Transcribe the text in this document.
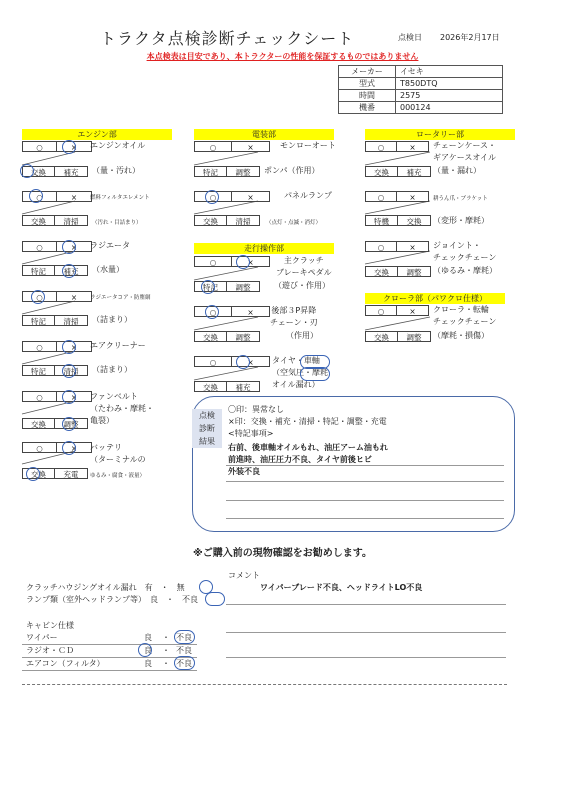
トラクタ点検診断チェックシート	点検日 2026年2月17日
本点検表は目安であり、本トラクターの性能を保証するものではありません
メーカー	イセキ
型式	T850DTQ
時間	2575
機番	000124
エンジン部	電装部	ロータリー部
走行操作部
クローラ部（パワクロ仕様）
○	×	エンジンオイル
交換	補充	（量・汚れ）
○	×	燃料フィルタエレメント
交換	清掃	（汚れ・目詰まり）
○	×	ラジエータ
特記	補充	（水量）
○	×	ラジエータコア・防塵網
特記	清掃	（詰まり）
○	×	エアクリーナー
特記	清掃	（詰まり）
○	×	ファンベルト
（たわみ・摩耗・
亀裂）
交換	調整
○	×	バッテリ
（ターミナルの
交換	充電	ゆるみ・腐食・液量）
○	×	モンローオート
特記	調整	ポンパ（作用）
○	×	パネルランプ
交換	清掃	（点灯・点滅・消灯）
○	×	主クラッチ
ブレーキペダル
特記	調整	（遊び・作用）
○	×	後部３P昇降
チェーン・刃
交換	調整	（作用）
○	×	タイヤ・車軸
（空気圧・摩耗
オイル漏れ）
交換	補充
○	×	チェーンケース・
ギアケースオイル
交換	補充	（量・漏れ）
○	×	耕うん爪・ブラケット
特機	交換	（変形・摩耗）
○	×	ジョイント・
チェックチェーン
交換	調整	（ゆるみ・摩耗）
○	×	クローラ・転輪
チェックチェーン
交換	調整	（摩耗・損傷）
点検
診断
結果
〇印：異常なし
×印：交換・補充・清掃・特記・調整・充電
<特記事項>
右前、後車軸オイルもれ、油圧アーム油もれ
前進時、油圧圧力不良、タイヤ前後ヒビ
外装不良
※ご購入前の現物確認をお勧めします。
コメント
ワイパーブレード不良、ヘッドライトLO不良
クラッチハウジングオイル漏れ　有　・　無
ランプ類（室外ヘッドランプ等）　良　・　不良
キャビン仕様
ワイパー	良 ・ 不良
ラジオ・ＣＤ	良 ・ 不良
エアコン（フィルタ）	良 ・ 不良
